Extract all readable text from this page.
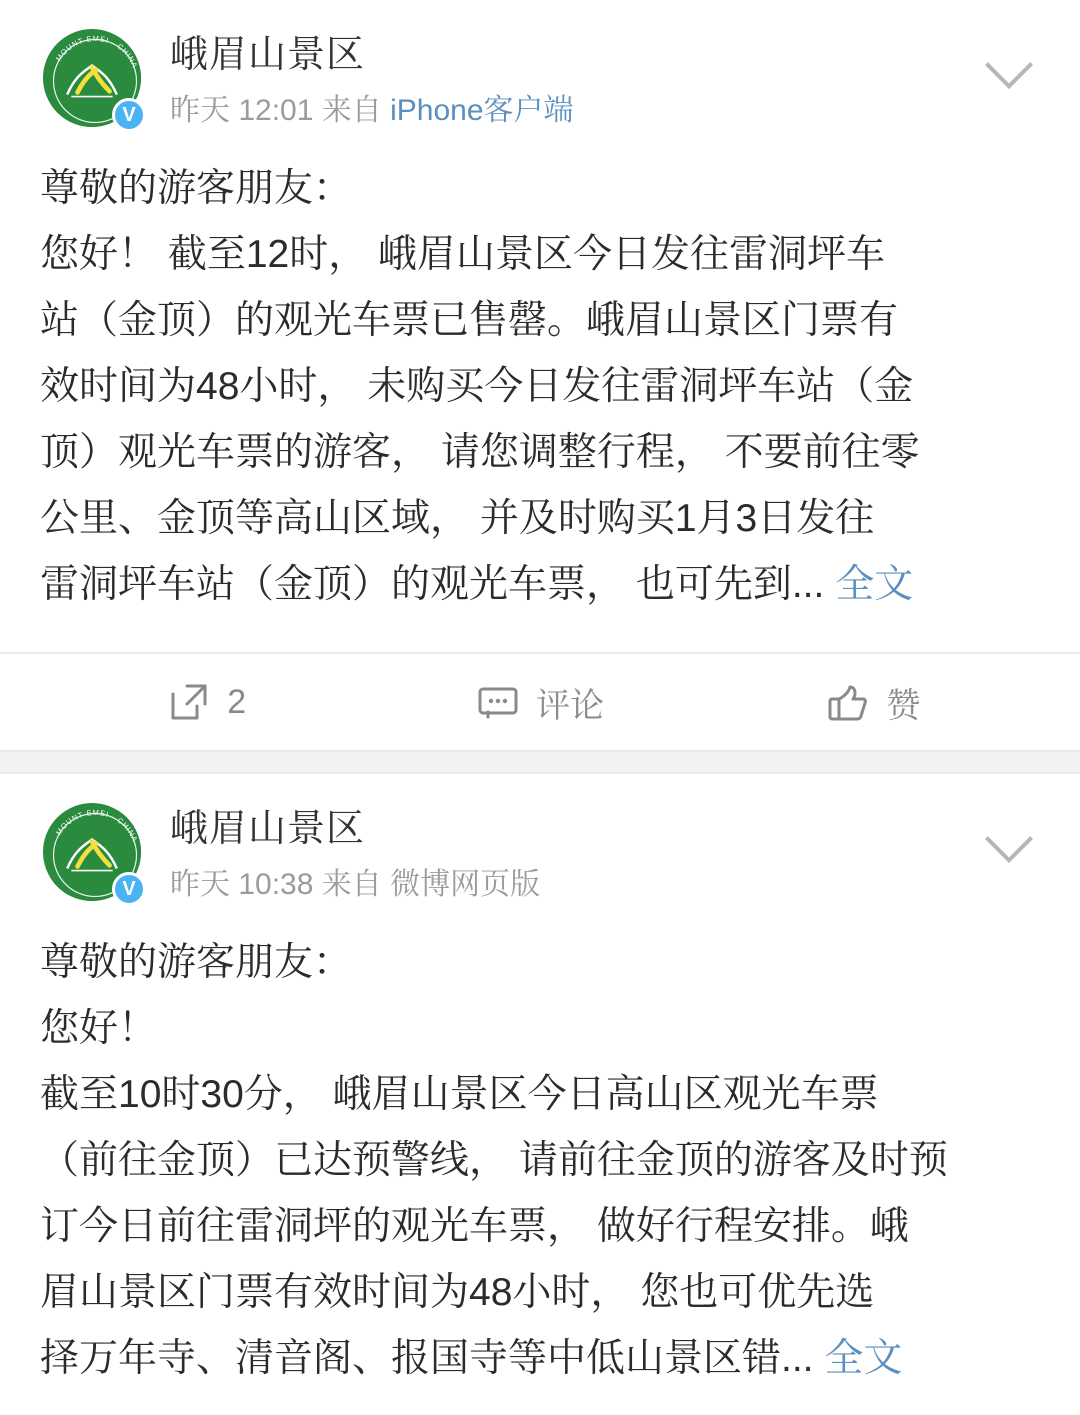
MOUNT EMEI · CHINA
V
峨眉山景区
昨天 12:01 来自 iPhone客户端
尊敬的游客朋友：
您好！ 截至12时， 峨眉山景区今日发往雷洞坪车
站（金顶）的观光车票已售罄。峨眉山景区门票有
效时间为48小时， 未购买今日发往雷洞坪车站（金
顶）观光车票的游客， 请您调整行程， 不要前往零
公里、金顶等高山区域， 并及时购买1月3日发往
雷洞坪车站（金顶）的观光车票， 也可先到... 全文
2	评论	赞
MOUNT EMEI · CHINA
V
峨眉山景区
昨天 10:38 来自 微博网页版
尊敬的游客朋友：
您好！
截至10时30分， 峨眉山景区今日高山区观光车票
（前往金顶）已达预警线， 请前往金顶的游客及时预
订今日前往雷洞坪的观光车票， 做好行程安排。峨
眉山景区门票有效时间为48小时， 您也可优先选
择万年寺、清音阁、报国寺等中低山景区错... 全文
